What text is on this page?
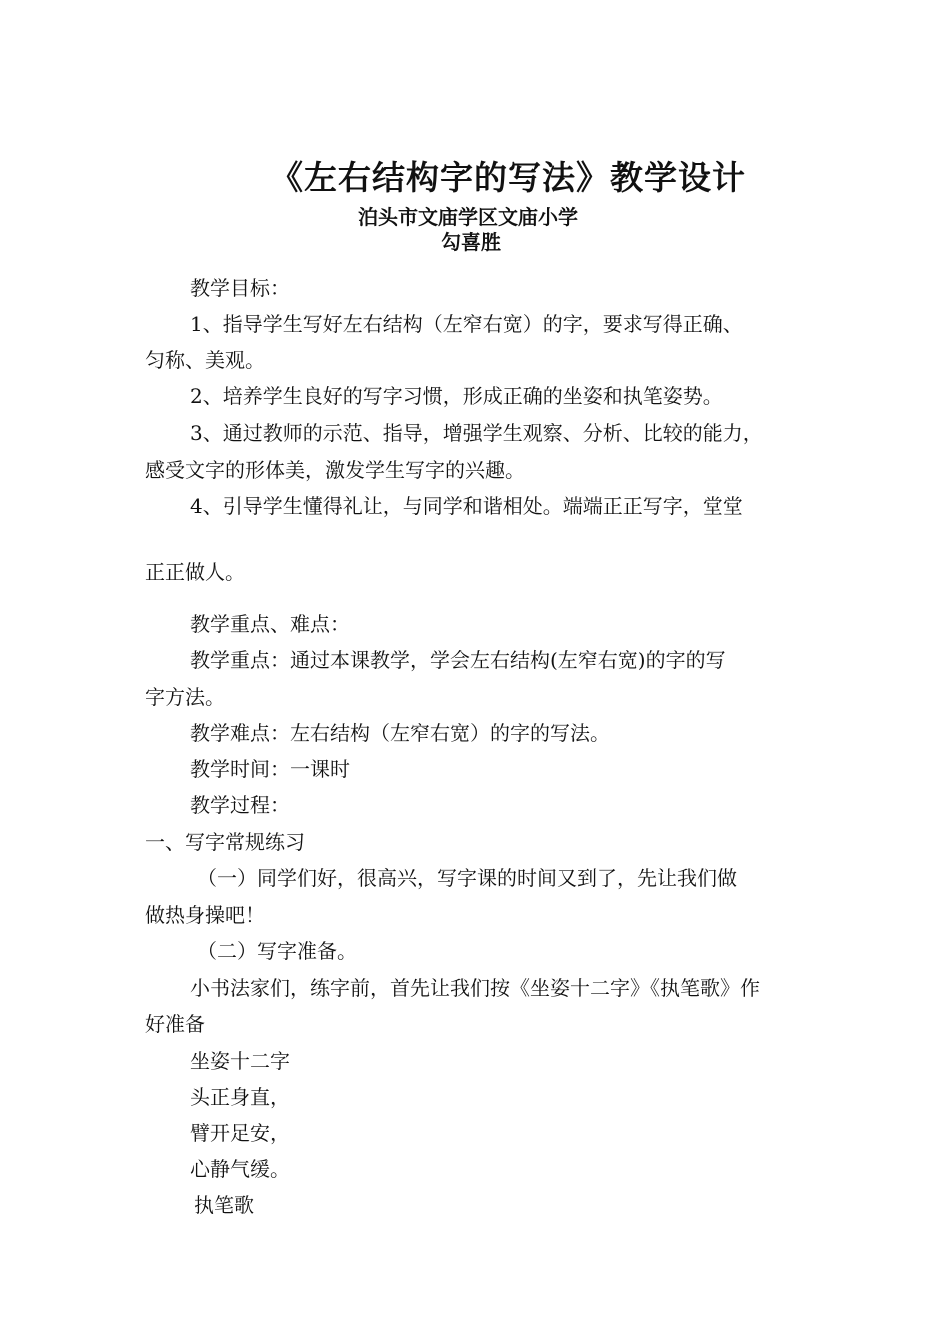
《左右结构字的写法》教学设计
泊头市文庙学区文庙小学
勾喜胜
教学目标：
1、指导学生写好左右结构（左窄右宽）的字，要求写得正确、
匀称、美观。
2、培养学生良好的写字习惯，形成正确的坐姿和执笔姿势。
3、通过教师的示范、指导，增强学生观察、分析、比较的能力，
感受文字的形体美，激发学生写字的兴趣。
4、引导学生懂得礼让，与同学和谐相处。端端正正写字，堂堂
正正做人。
教学重点、难点：
教学重点：通过本课教学，学会左右结构(左窄右宽)的字的写
字方法。
教学难点：左右结构（左窄右宽）的字的写法。
教学时间：一课时
教学过程：
一、写字常规练习
（一）同学们好，很高兴，写字课的时间又到了，先让我们做
做热身操吧！
（二）写字准备。
小书法家们，练字前，首先让我们按《坐姿十二字》《执笔歌》作
好准备
坐姿十二字
头正身直，
臂开足安，
心静气缓。
执笔歌
